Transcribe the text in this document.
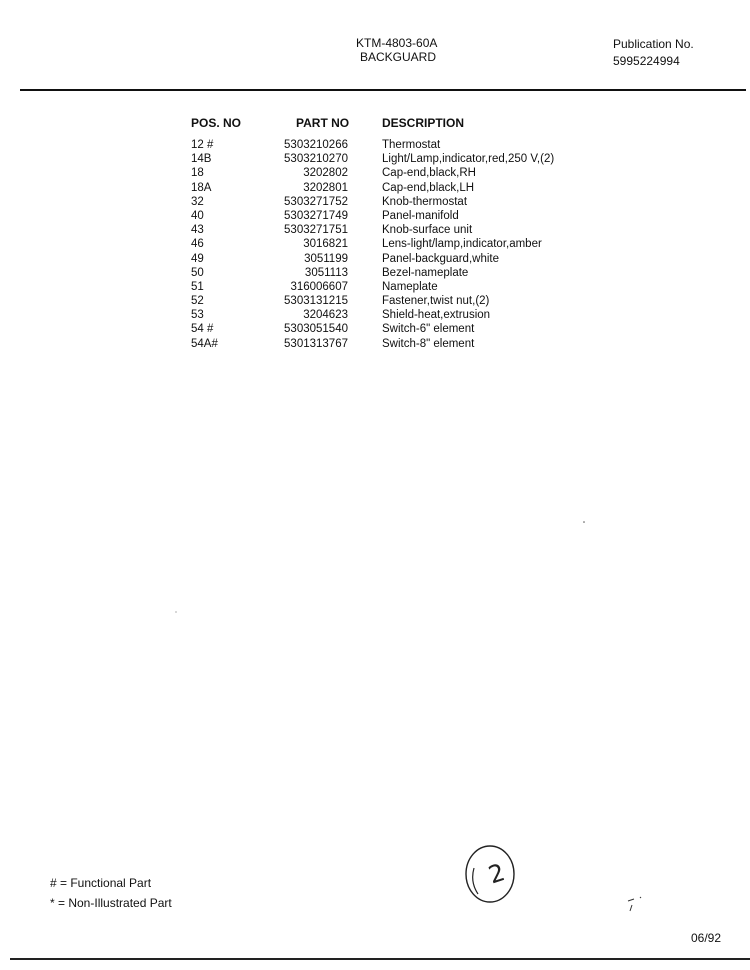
KTM-4803-60A
BACKGUARD
Publication No.
5995224994
POS. NO	PART NO	DESCRIPTION
12 #	5303210266	Thermostat
14B	5303210270	Light/Lamp,indicator,red,250 V,(2)
18	3202802	Cap-end,black,RH
18A	3202801	Cap-end,black,LH
32	5303271752	Knob-thermostat
40	5303271749	Panel-manifold
43	5303271751	Knob-surface unit
46	3016821	Lens-light/lamp,indicator,amber
49	3051199	Panel-backguard,white
50	3051113	Bezel-nameplate
51	316006607	Nameplate
52	5303131215	Fastener,twist nut,(2)
53	3204623	Shield-heat,extrusion
54 #	5303051540	Switch-6" element
54A#	5301313767	Switch-8" element
# = Functional Part
* = Non-Illustrated Part
2
06/92
